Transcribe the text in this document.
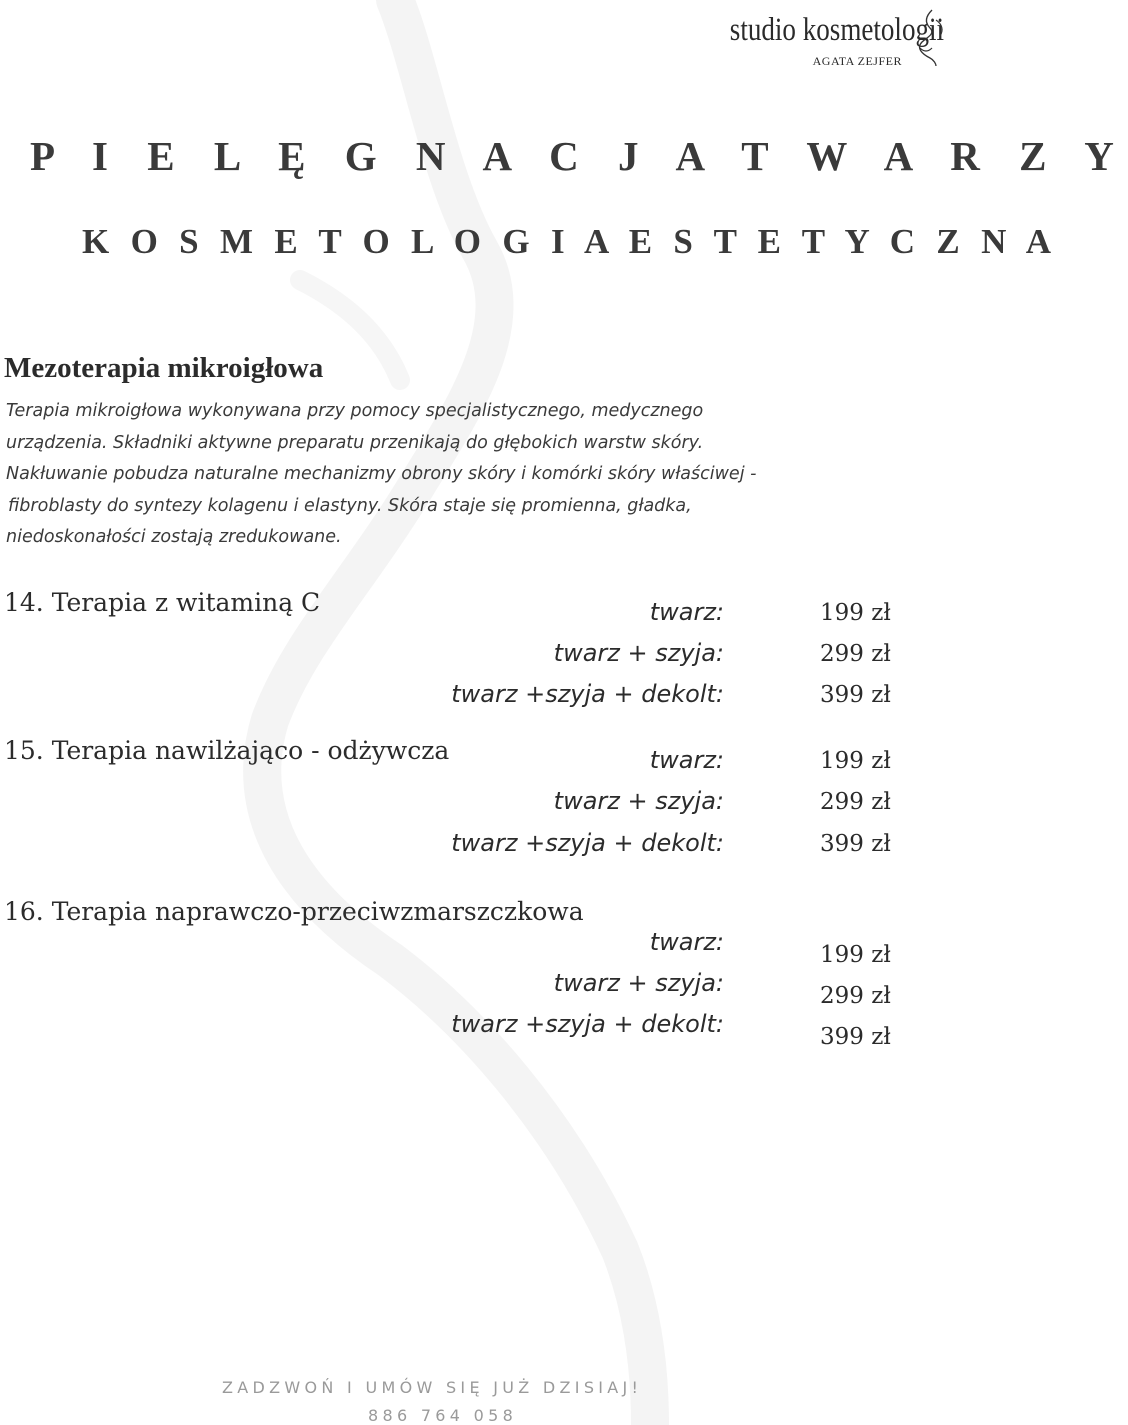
studio kosmetologii
AGATA ZEJFER
P I E L Ę G N A C J A T W A R Z Y
K O S M E T O L O G I A E S T E T Y C Z N A
Mezoterapia mikroigłowa
Terapia mikroigłowa wykonywana przy pomocy specjalistycznego, medycznego
urządzenia. Składniki aktywne preparatu przenikają do głębokich warstw skóry.
Nakłuwanie pobudza naturalne mechanizmy obrony skóry i komórki skóry właściwej -
fibroblasty do syntezy kolagenu i elastyny. Skóra staje się promienna, gładka,
niedoskonałości zostają zredukowane.
14. Terapia z witaminą C	twarz:	199 zł
twarz + szyja:	299 zł
twarz +szyja + dekolt:	399 zł
15. Terapia nawilżająco - odżywcza	twarz:	199 zł
twarz + szyja:	299 zł
twarz +szyja + dekolt:	399 zł
16. Terapia naprawczo-przeciwzmarszczkowa
twarz:	199 zł
twarz + szyja:	299 zł
twarz +szyja + dekolt:	399 zł
ZADZWOŃ I UMÓW SIĘ JUŻ DZISIAJ!
886 764 058
